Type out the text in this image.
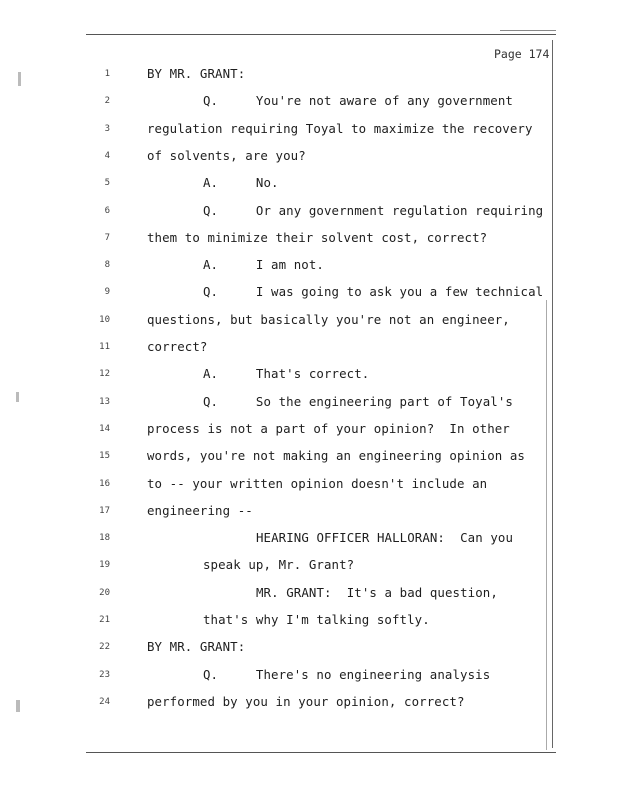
Page 174
1	BY MR. GRANT:
2	Q.     You're not aware of any government
3	regulation requiring Toyal to maximize the recovery
4	of solvents, are you?
5	A.     No.
6	Q.     Or any government regulation requiring
7	them to minimize their solvent cost, correct?
8	A.     I am not.
9	Q.     I was going to ask you a few technical
10	questions, but basically you're not an engineer,
11	correct?
12	A.     That's correct.
13	Q.     So the engineering part of Toyal's
14	process is not a part of your opinion?  In other
15	words, you're not making an engineering opinion as
16	to -- your written opinion doesn't include an
17	engineering --
18	HEARING OFFICER HALLORAN:  Can you
19	speak up, Mr. Grant?
20	MR. GRANT:  It's a bad question,
21	that's why I'm talking softly.
22	BY MR. GRANT:
23	Q.     There's no engineering analysis
24	performed by you in your opinion, correct?
